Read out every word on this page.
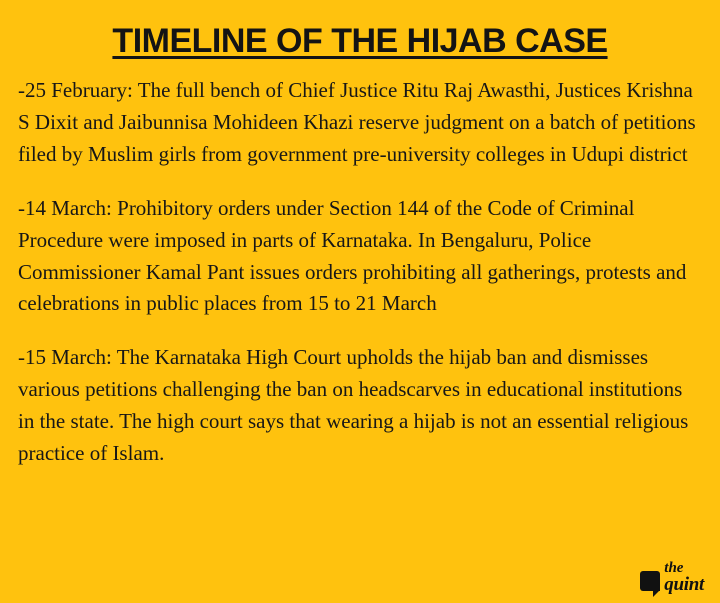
TIMELINE OF THE HIJAB CASE

-25 February: The full bench of Chief Justice Ritu Raj Awasthi, Justices Krishna S Dixit and Jaibunnisa Mohideen Khazi reserve judgment on a batch of petitions filed by Muslim girls from government pre-university colleges in Udupi district

-14 March: Prohibitory orders under Section 144 of the Code of Criminal Procedure were imposed in parts of Karnataka. In Bengaluru, Police Commissioner Kamal Pant issues orders prohibiting all gatherings, protests and celebrations in public places from 15 to 21 March

-15 March: The Karnataka High Court upholds the hijab ban and dismisses various petitions challenging the ban on headscarves in educational institutions in the state. The high court says that wearing a hijab is not an essential religious practice of Islam.

the
quint
